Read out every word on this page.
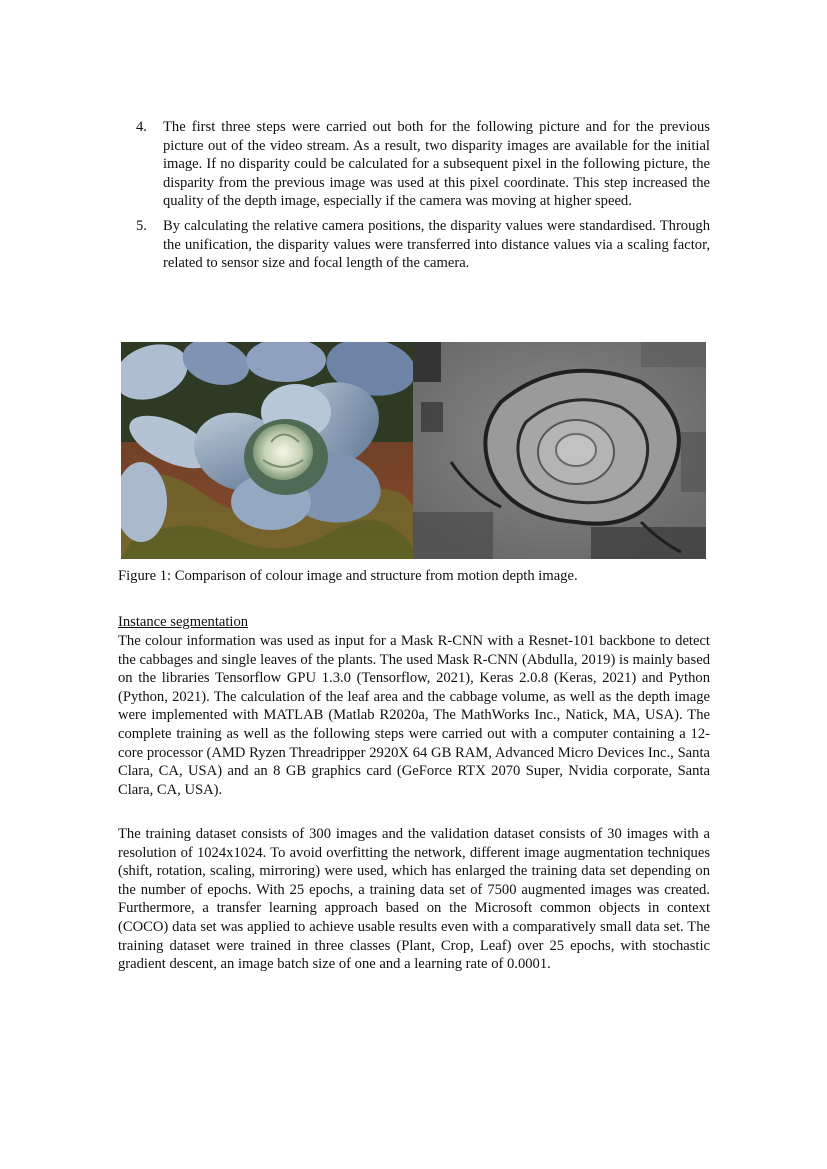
4.	The first three steps were carried out both for the following picture and for the previous picture out of the video stream. As a result, two disparity images are available for the initial image. If no disparity could be calculated for a subsequent pixel in the following picture, the disparity from the previous image was used at this pixel coordinate. This step increased the quality of the depth image, especially if the camera was moving at higher speed.
5.	By calculating the relative camera positions, the disparity values were standardised. Through the unification, the disparity values were transferred into distance values via a scaling factor, related to sensor size and focal length of the camera.
Figure 1: Comparison of colour image and structure from motion depth image.
Instance segmentation

The colour information was used as input for a Mask R-CNN with a Resnet-101 backbone to detect the cabbages and single leaves of the plants. The used Mask R-CNN (Abdulla, 2019) is mainly based on the libraries Tensorflow GPU 1.3.0 (Tensorflow, 2021), Keras 2.0.8 (Keras, 2021) and Python (Python, 2021). The calculation of the leaf area and the cabbage volume, as well as the depth image were implemented with MATLAB (Matlab R2020a, The MathWorks Inc., Natick, MA, USA). The complete training as well as the following steps were carried out with a computer containing a 12-core processor (AMD Ryzen Threadripper 2920X 64 GB RAM, Advanced Micro Devices Inc., Santa Clara, CA, USA) and an 8 GB graphics card (GeForce RTX 2070 Super, Nvidia corporate, Santa Clara, CA, USA).

The training dataset consists of 300 images and the validation dataset consists of 30 images with a resolution of 1024x1024. To avoid overfitting the network, different image augmentation techniques (shift, rotation, scaling, mirroring) were used, which has enlarged the training data set depending on the number of epochs. With 25 epochs, a training data set of 7500 augmented images was created. Furthermore, a transfer learning approach based on the Microsoft common objects in context (COCO) data set was applied to achieve usable results even with a comparatively small data set. The training dataset were trained in three classes (Plant, Crop, Leaf) over 25 epochs, with stochastic gradient descent, an image batch size of one and a learning rate of 0.0001.
